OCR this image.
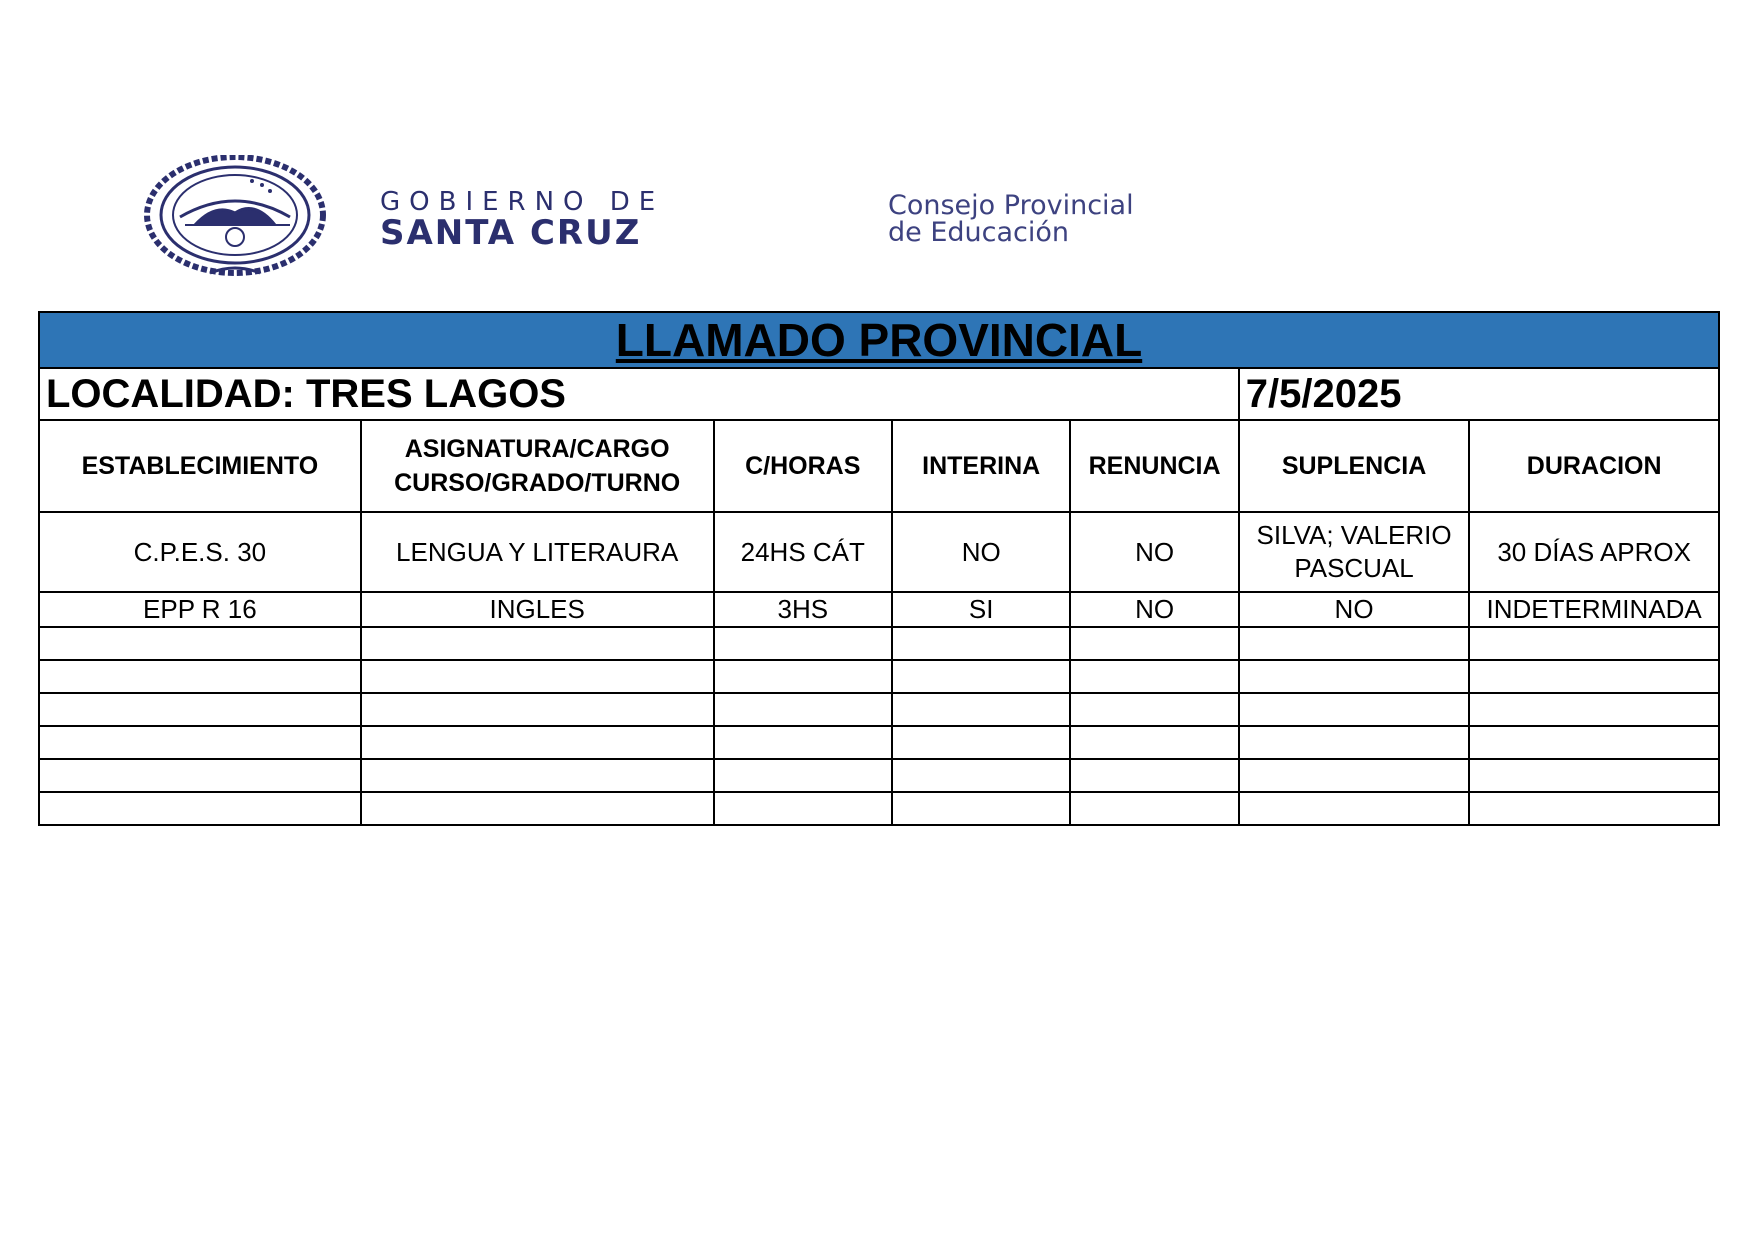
GOBIERNO DE
SANTA CRUZ
Consejo Provincial
de Educación
LLAMADO PROVINCIAL						
LOCALIDAD: TRES LAGOS					7/5/2025	
ESTABLECIMIENTO	ASIGNATURA/CARGO CURSO/GRADO/TURNO	C/HORAS	INTERINA	RENUNCIA	SUPLENCIA	DURACION
C.P.E.S. 30	LENGUA Y LITERAURA	24HS CÁT	NO	NO	SILVA; VALERIO PASCUAL	30 DÍAS APROX
EPP R 16	INGLES	3HS	SI	NO	NO	INDETERMINADA
